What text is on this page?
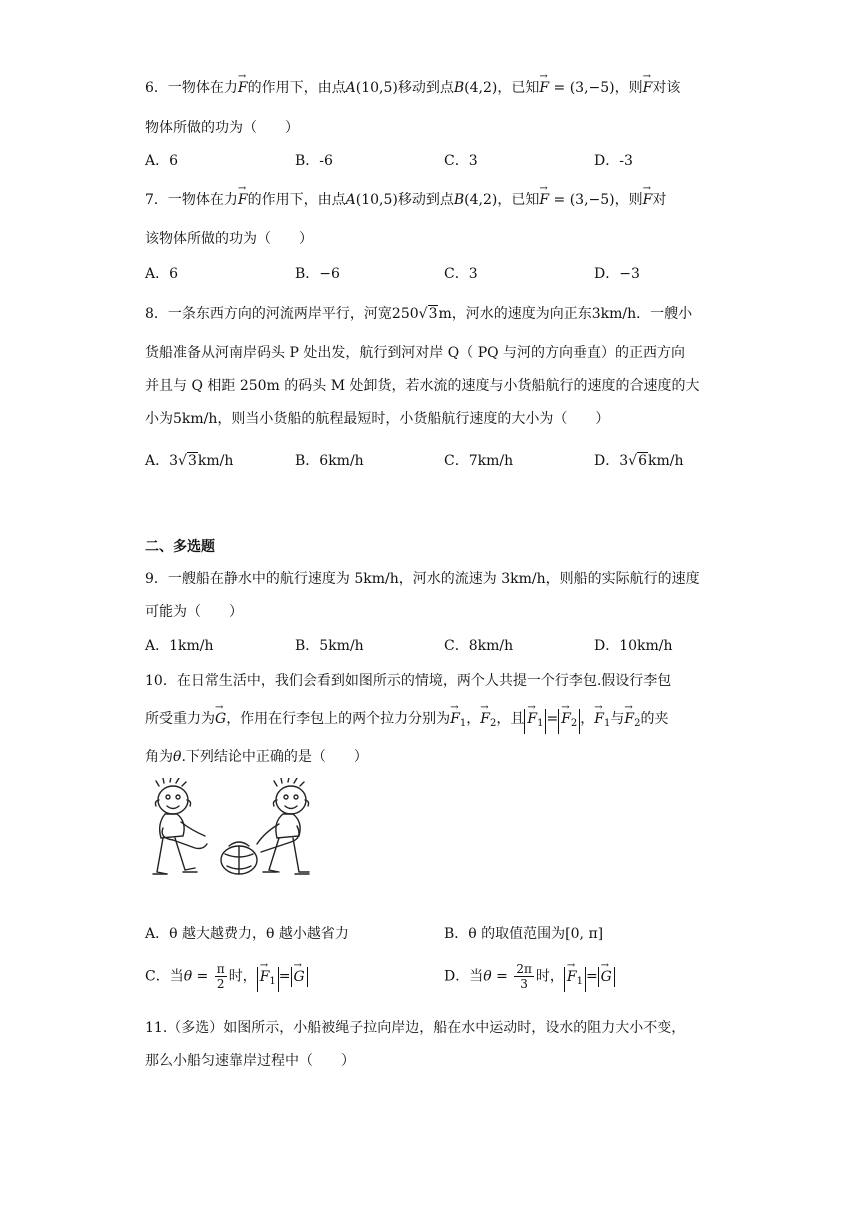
6．一物体在力→ F的作用下，由点A(10,5)移动到点B(4,2)，已知→ F = (3,−5)，则→ F对该
物体所做的功为（　　）
A．6	B．-6	C．3	D．-3
7．一物体在力→ F的作用下，由点A(10,5)移动到点B(4,2)，已知→ F = (3,−5)，则→ F对
该物体所做的功为（　　）
A．6	B．−6	C．3	D．−3
8．一条东西方向的河流两岸平行，河宽250√3m，河水的速度为向正东3km/h．一艘小
货船准备从河南岸码头 P 处出发，航行到河对岸 Q（ PQ 与河的方向垂直）的正西方向
并且与 Q 相距 250m 的码头 M 处卸货，若水流的速度与小货船航行的速度的合速度的大
小为5km/h，则当小货船的航程最短时，小货船航行速度的大小为（　　）
A．3√3km/h	B．6km/h	C．7km/h	D．3√6km/h
二、多选题
9．一艘船在静水中的航行速度为 5km/h，河水的流速为 3km/h，则船的实际航行的速度
可能为（　　）
A．1km/h	B．5km/h	C．8km/h	D．10km/h
10．在日常生活中，我们会看到如图所示的情境，两个人共提一个行李包.假设行李包
所受重力为→ G，作用在行李包上的两个拉力分别为→ $F_1$，→ $F_2$，且→ $F_1 =\to F_2$ ，→ $F_1$与→ $F_2$的夹
角为θ.下列结论中正确的是（　　）
A．θ 越大越费力，θ 越小越省力	B．θ 的取值范围为[0, π]
C．当$\theta = \frac{\pi}{2}$ 时，→ $F_1 =\to G$	D．当$\theta = \frac{2\pi}{3}$ 时，→ $F_1 =\to G$
11.（多选）如图所示，小船被绳子拉向岸边，船在水中运动时，设水的阻力大小不变，
那么小船匀速靠岸过程中（　　）
